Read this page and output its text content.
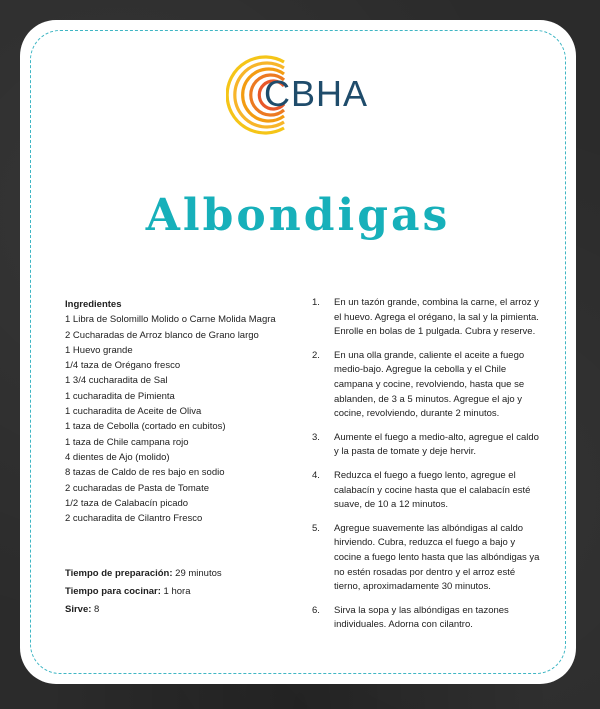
CBHA
Albondigas
Ingredientes
1 Libra de Solomillo Molido o Carne Molida Magra
2 Cucharadas de Arroz blanco de Grano largo
1 Huevo grande
1/4 taza de Orégano fresco
1 3/4 cucharadita de Sal
1 cucharadita de Pimienta
1 cucharadita de Aceite de Oliva
1 taza de Cebolla (cortado en cubitos)
1 taza de Chile campana rojo
4 dientes de Ajo (molido)
8 tazas de Caldo de res bajo en sodio
2 cucharadas de Pasta de Tomate
1/2 taza de Calabacín picado
2 cucharadita de Cilantro Fresco
Tiempo de preparación: 29 minutos
Tiempo para cocinar: 1 hora
Sirve: 8
1.	En un tazón grande, combina la carne, el arroz y el huevo. Agrega el orégano, la sal y la pimienta. Enrolle en bolas de 1 pulgada. Cubra y reserve.
2.	En una olla grande, caliente el aceite a fuego medio-bajo. Agregue la cebolla y el Chile campana y cocine, revolviendo, hasta que se ablanden, de 3 a 5 minutos. Agregue el ajo y cocine, revolviendo, durante 2 minutos.
3.	Aumente el fuego a medio-alto, agregue el caldo y la pasta de tomate y deje hervir.
4.	Reduzca el fuego a fuego lento, agregue el calabacín y cocine hasta que el calabacín esté suave, de 10 a 12 minutos.
5.	Agregue suavemente las albóndigas al caldo hirviendo. Cubra, reduzca el fuego a bajo y cocine a fuego lento hasta que las albóndigas ya no estén rosadas por dentro y el arroz esté tierno, aproximadamente 30 minutos.
6.	Sirva la sopa y las albóndigas en tazones individuales. Adorna con cilantro.
